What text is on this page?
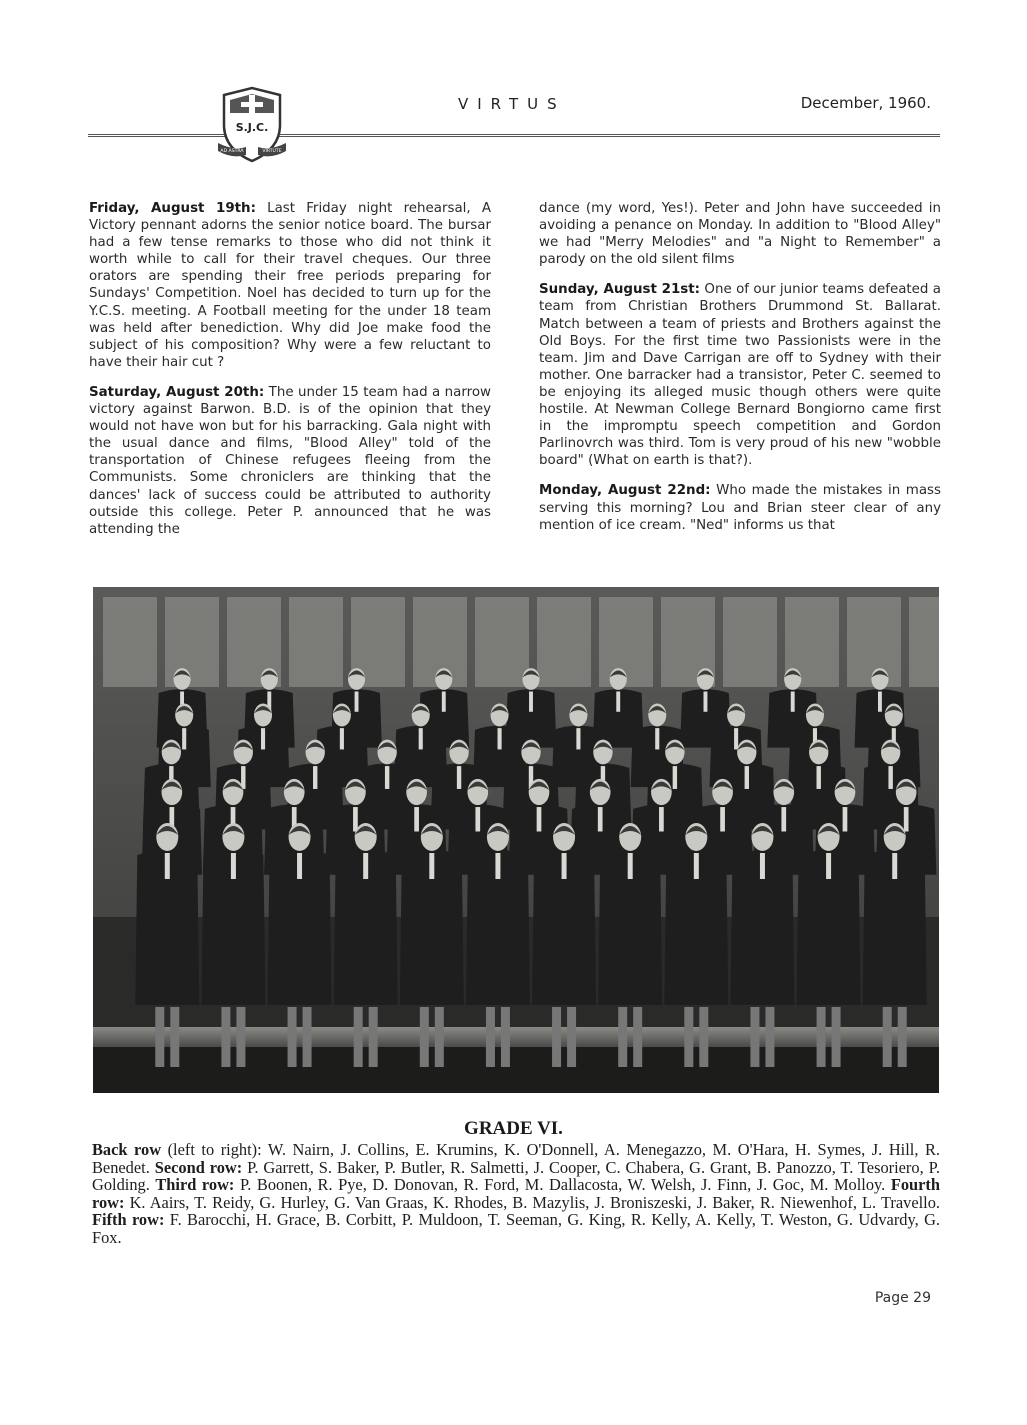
S.J.C.
AD ASTRA	VIRTUTE
VIRTUS	December, 1960.

Friday, August 19th: Last Friday night rehearsal, A Victory pennant adorns the senior notice board. The bursar had a few tense remarks to those who did not think it worth while to call for their travel cheques. Our three orators are spending their free periods preparing for Sundays' Competition. Noel has decided to turn up for the Y.C.S. meeting. A Football meeting for the under 18 team was held after benediction. Why did Joe make food the subject of his composition? Why were a few reluctant to have their hair cut ?

Saturday, August 20th: The under 15 team had a narrow victory against Barwon. B.D. is of the opinion that they would not have won but for his barracking. Gala night with the usual dance and films, "Blood Alley" told of the transportation of Chinese refugees fleeing from the Communists. Some chroniclers are thinking that the dances' lack of success could be attributed to authority outside this college. Peter P. announced that he was attending the

dance (my word, Yes!). Peter and John have succeeded in avoiding a penance on Monday. In addition to "Blood Alley" we had "Merry Melodies" and "a Night to Remember" a parody on the old silent films

Sunday, August 21st: One of our junior teams defeated a team from Christian Brothers Drummond St. Ballarat. Match between a team of priests and Brothers against the Old Boys. For the first time two Passionists were in the team. Jim and Dave Carrigan are off to Sydney with their mother. One barracker had a transistor, Peter C. seemed to be enjoying its alleged music though others were quite hostile. At Newman College Bernard Bongiorno came first in the impromptu speech competition and Gordon Parlinovrch was third. Tom is very proud of his new "wobble board" (What on earth is that?).

Monday, August 22nd: Who made the mistakes in mass serving this morning? Lou and Brian steer clear of any mention of ice cream. "Ned" informs us that

GRADE VI.
Back row (left to right): W. Nairn, J. Collins, E. Krumins, K. O'Donnell, A. Menegazzo, M. O'Hara, H. Symes, J. Hill, R. Benedet. Second row: P. Garrett, S. Baker, P. Butler, R. Salmetti, J. Cooper, C. Chabera, G. Grant, B. Panozzo, T. Tesoriero, P. Golding. Third row: P. Boonen, R. Pye, D. Donovan, R. Ford, M. Dallacosta, W. Welsh, J. Finn, J. Goc, M. Molloy. Fourth row: K. Aairs, T. Reidy, G. Hurley, G. Van Graas, K. Rhodes, B. Mazylis, J. Broniszeski, J. Baker, R. Niewenhof, L. Travello. Fifth row: F. Barocchi, H. Grace, B. Corbitt, P. Muldoon, T. Seeman, G. King, R. Kelly, A. Kelly, T. Weston, G. Udvardy, G. Fox.
Page 29
